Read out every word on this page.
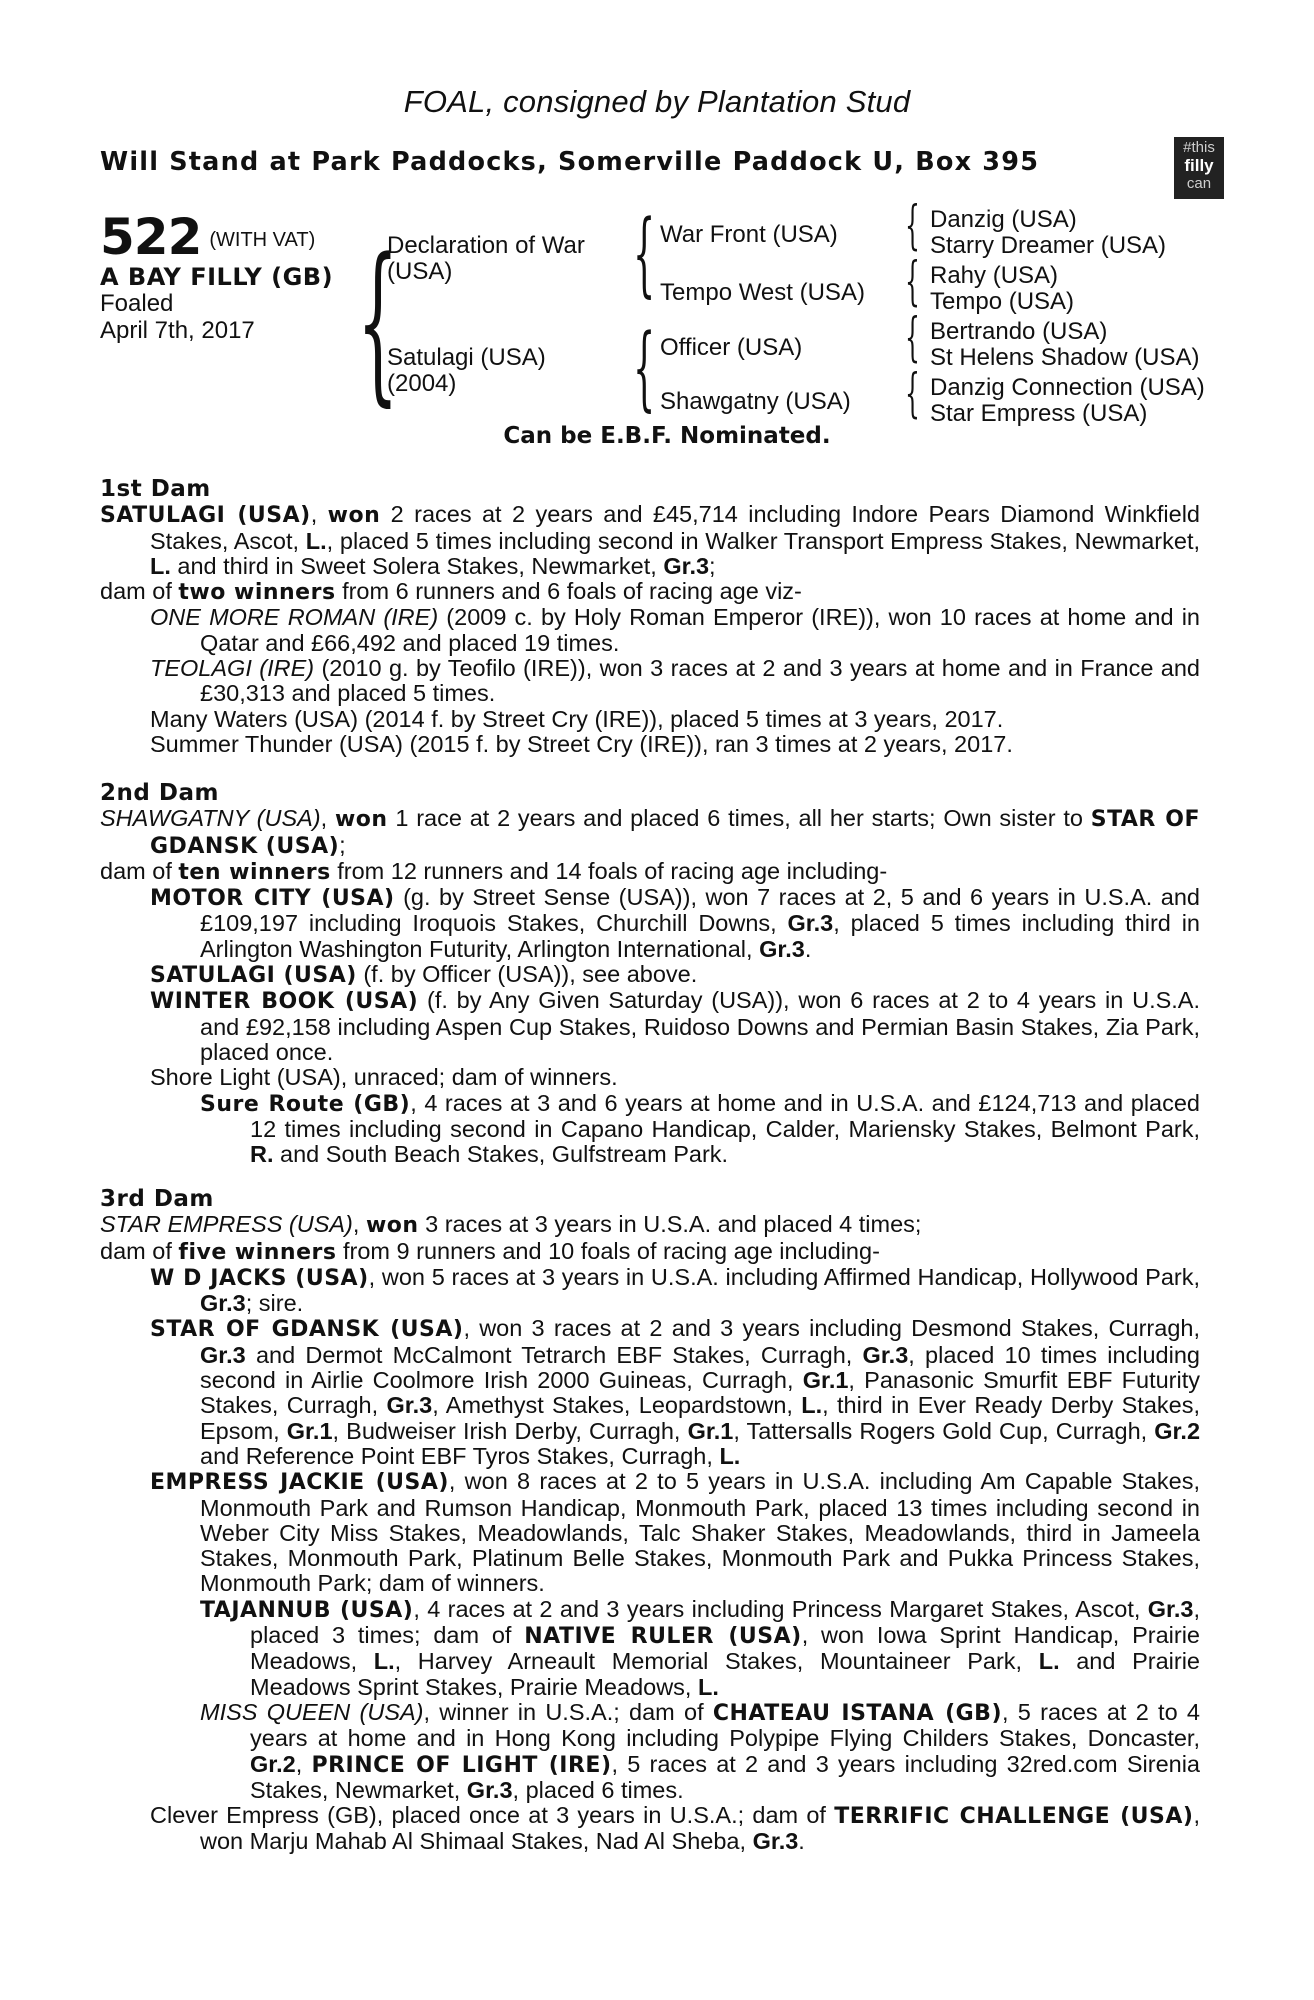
FOAL, consigned by Plantation Stud
Will Stand at Park Paddocks, Somerville Paddock U, Box 395	#this
filly
can
522 (WITH VAT)
A BAY FILLY (GB)
Foaled
April 7th, 2017 {
Declaration of War
(USA)
Satulagi (USA)
(2004)
{ War Front (USA)
Tempo West (USA)
{ Officer (USA)
Shawgatny (USA)
{ Danzig (USA)
Starry Dreamer (USA)
{ Rahy (USA)
Tempo (USA)
{ Bertrando (USA)
St Helens Shadow (USA)
{ Danzig Connection (USA)
Star Empress (USA)
Can be E.B.F. Nominated.
1st Dam
SATULAGI (USA), won 2 races at 2 years and £45,714 including Indore Pears Diamond Winkfield Stakes, Ascot, L., placed 5 times including second in Walker Transport Empress Stakes, Newmarket, L. and third in Sweet Solera Stakes, Newmarket, Gr.3;
dam of two winners from 6 runners and 6 foals of racing age viz-
ONE MORE ROMAN (IRE) (2009 c. by Holy Roman Emperor (IRE)), won 10 races at home and in Qatar and £66,492 and placed 19 times.
TEOLAGI (IRE) (2010 g. by Teofilo (IRE)), won 3 races at 2 and 3 years at home and in France and £30,313 and placed 5 times.
Many Waters (USA) (2014 f. by Street Cry (IRE)), placed 5 times at 3 years, 2017.
Summer Thunder (USA) (2015 f. by Street Cry (IRE)), ran 3 times at 2 years, 2017.
2nd Dam
SHAWGATNY (USA), won 1 race at 2 years and placed 6 times, all her starts; Own sister to STAR OF GDANSK (USA);
dam of ten winners from 12 runners and 14 foals of racing age including-
MOTOR CITY (USA) (g. by Street Sense (USA)), won 7 races at 2, 5 and 6 years in U.S.A. and £109,197 including Iroquois Stakes, Churchill Downs, Gr.3, placed 5 times including third in Arlington Washington Futurity, Arlington International, Gr.3.
SATULAGI (USA) (f. by Officer (USA)), see above.
WINTER BOOK (USA) (f. by Any Given Saturday (USA)), won 6 races at 2 to 4 years in U.S.A. and £92,158 including Aspen Cup Stakes, Ruidoso Downs and Permian Basin Stakes, Zia Park, placed once.
Shore Light (USA), unraced; dam of winners.
Sure Route (GB), 4 races at 3 and 6 years at home and in U.S.A. and £124,713 and placed 12 times including second in Capano Handicap, Calder, Mariensky Stakes, Belmont Park, R. and South Beach Stakes, Gulfstream Park.
3rd Dam
STAR EMPRESS (USA), won 3 races at 3 years in U.S.A. and placed 4 times;
dam of five winners from 9 runners and 10 foals of racing age including-
W D JACKS (USA), won 5 races at 3 years in U.S.A. including Affirmed Handicap, Hollywood Park, Gr.3; sire.
STAR OF GDANSK (USA), won 3 races at 2 and 3 years including Desmond Stakes, Curragh, Gr.3 and Dermot McCalmont Tetrarch EBF Stakes, Curragh, Gr.3, placed 10 times including second in Airlie Coolmore Irish 2000 Guineas, Curragh, Gr.1, Panasonic Smurfit EBF Futurity Stakes, Curragh, Gr.3, Amethyst Stakes, Leopardstown, L., third in Ever Ready Derby Stakes, Epsom, Gr.1, Budweiser Irish Derby, Curragh, Gr.1, Tattersalls Rogers Gold Cup, Curragh, Gr.2 and Reference Point EBF Tyros Stakes, Curragh, L.
EMPRESS JACKIE (USA), won 8 races at 2 to 5 years in U.S.A. including Am Capable Stakes, Monmouth Park and Rumson Handicap, Monmouth Park, placed 13 times including second in Weber City Miss Stakes, Meadowlands, Talc Shaker Stakes, Meadowlands, third in Jameela Stakes, Monmouth Park, Platinum Belle Stakes, Monmouth Park and Pukka Princess Stakes, Monmouth Park; dam of winners.
TAJANNUB (USA), 4 races at 2 and 3 years including Princess Margaret Stakes, Ascot, Gr.3, placed 3 times; dam of NATIVE RULER (USA), won Iowa Sprint Handicap, Prairie Meadows, L., Harvey Arneault Memorial Stakes, Mountaineer Park, L. and Prairie Meadows Sprint Stakes, Prairie Meadows, L.
MISS QUEEN (USA), winner in U.S.A.; dam of CHATEAU ISTANA (GB), 5 races at 2 to 4 years at home and in Hong Kong including Polypipe Flying Childers Stakes, Doncaster, Gr.2, PRINCE OF LIGHT (IRE), 5 races at 2 and 3 years including 32red.com Sirenia Stakes, Newmarket, Gr.3, placed 6 times.
Clever Empress (GB), placed once at 3 years in U.S.A.; dam of TERRIFIC CHALLENGE (USA), won Marju Mahab Al Shimaal Stakes, Nad Al Sheba, Gr.3.
